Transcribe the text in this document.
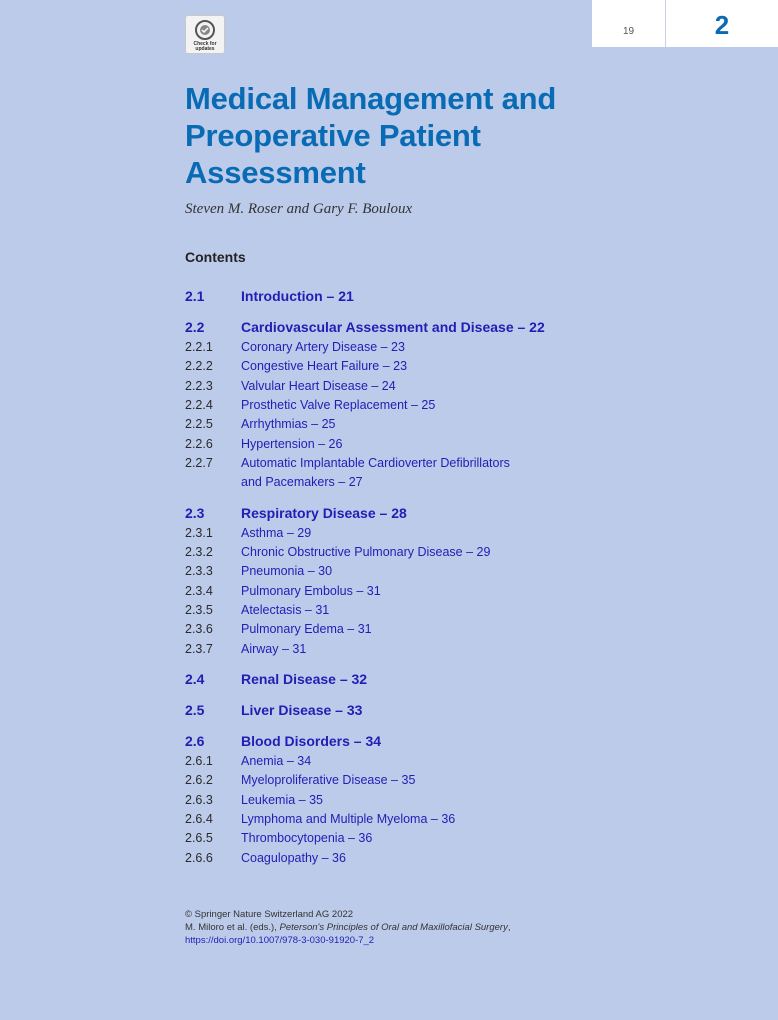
Check for updates
19	2
Medical Management and Preoperative Patient Assessment
Steven M. Roser and Gary F. Bouloux
Contents
2.1	Introduction – 21
2.2	Cardiovascular Assessment and Disease – 22
2.2.1 Coronary Artery Disease – 23
2.2.2 Congestive Heart Failure – 23
2.2.3 Valvular Heart Disease – 24
2.2.4 Prosthetic Valve Replacement – 25
2.2.5 Arrhythmias – 25
2.2.6 Hypertension – 26
2.2.7 Automatic Implantable Cardioverter Defibrillators
and Pacemakers – 27
2.3	Respiratory Disease – 28
2.3.1 Asthma – 29
2.3.2 Chronic Obstructive Pulmonary Disease – 29
2.3.3 Pneumonia – 30
2.3.4 Pulmonary Embolus – 31
2.3.5 Atelectasis – 31
2.3.6 Pulmonary Edema – 31
2.3.7 Airway – 31
2.4	Renal Disease – 32
2.5	Liver Disease – 33
2.6	Blood Disorders – 34
2.6.1 Anemia – 34
2.6.2 Myeloproliferative Disease – 35
2.6.3 Leukemia – 35
2.6.4 Lymphoma and Multiple Myeloma – 36
2.6.5 Thrombocytopenia – 36
2.6.6 Coagulopathy – 36
© Springer Nature Switzerland AG 2022
M. Miloro et al. (eds.), Peterson's Principles of Oral and Maxillofacial Surgery,
https://doi.org/10.1007/978-3-030-91920-7_2
